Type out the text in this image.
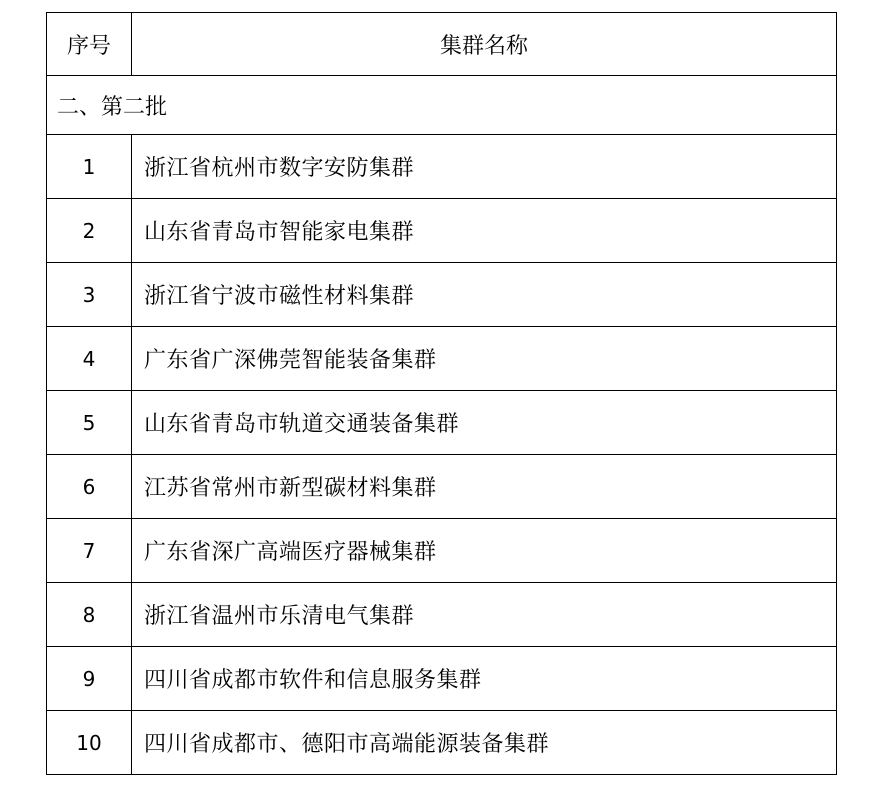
序号	集群名称
二、第二批	
1	浙江省杭州市数字安防集群
2	山东省青岛市智能家电集群
3	浙江省宁波市磁性材料集群
4	广东省广深佛莞智能装备集群
5	山东省青岛市轨道交通装备集群
6	江苏省常州市新型碳材料集群
7	广东省深广高端医疗器械集群
8	浙江省温州市乐清电气集群
9	四川省成都市软件和信息服务集群
10	四川省成都市、德阳市高端能源装备集群
